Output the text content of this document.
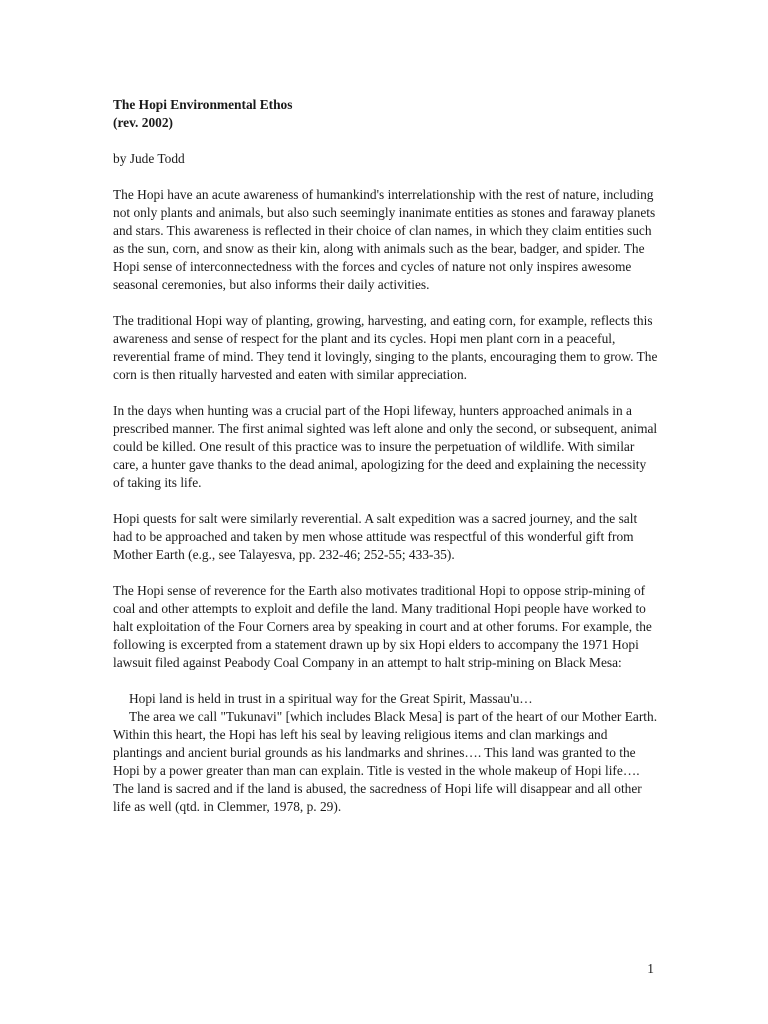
The Hopi Environmental Ethos
(rev. 2002)

by Jude Todd

The Hopi have an acute awareness of humankind's interrelationship with the rest of nature, including not only plants and animals, but also such seemingly inanimate entities as stones and faraway planets and stars. This awareness is reflected in their choice of clan names, in which they claim entities such as the sun, corn, and snow as their kin, along with animals such as the bear, badger, and spider. The Hopi sense of interconnectedness with the forces and cycles of nature not only inspires awesome seasonal ceremonies, but also informs their daily activities.

The traditional Hopi way of planting, growing, harvesting, and eating corn, for example, reflects this awareness and sense of respect for the plant and its cycles. Hopi men plant corn in a peaceful, reverential frame of mind. They tend it lovingly, singing to the plants, encouraging them to grow. The corn is then ritually harvested and eaten with similar appreciation.

In the days when hunting was a crucial part of the Hopi lifeway, hunters approached animals in a prescribed manner. The first animal sighted was left alone and only the second, or subsequent, animal could be killed. One result of this practice was to insure the perpetuation of wildlife. With similar care, a hunter gave thanks to the dead animal, apologizing for the deed and explaining the necessity of taking its life.

Hopi quests for salt were similarly reverential. A salt expedition was a sacred journey, and the salt had to be approached and taken by men whose attitude was respectful of this wonderful gift from Mother Earth (e.g., see Talayesva, pp. 232-46; 252-55; 433-35).

The Hopi sense of reverence for the Earth also motivates traditional Hopi to oppose strip-mining of coal and other attempts to exploit and defile the land. Many traditional Hopi people have worked to halt exploitation of the Four Corners area by speaking in court and at other forums. For example, the following is excerpted from a statement drawn up by six Hopi elders to accompany the 1971 Hopi lawsuit filed against Peabody Coal Company in an attempt to halt strip-mining on Black Mesa:

Hopi land is held in trust in a spiritual way for the Great Spirit, Massau'u…

The area we call "Tukunavi" [which includes Black Mesa] is part of the heart of our Mother Earth. Within this heart, the Hopi has left his seal by leaving religious items and clan markings and plantings and ancient burial grounds as his landmarks and shrines…. This land was granted to the Hopi by a power greater than man can explain. Title is vested in the whole makeup of Hopi life…. The land is sacred and if the land is abused, the sacredness of Hopi life will disappear and all other life as well (qtd. in Clemmer, 1978, p. 29).

1
